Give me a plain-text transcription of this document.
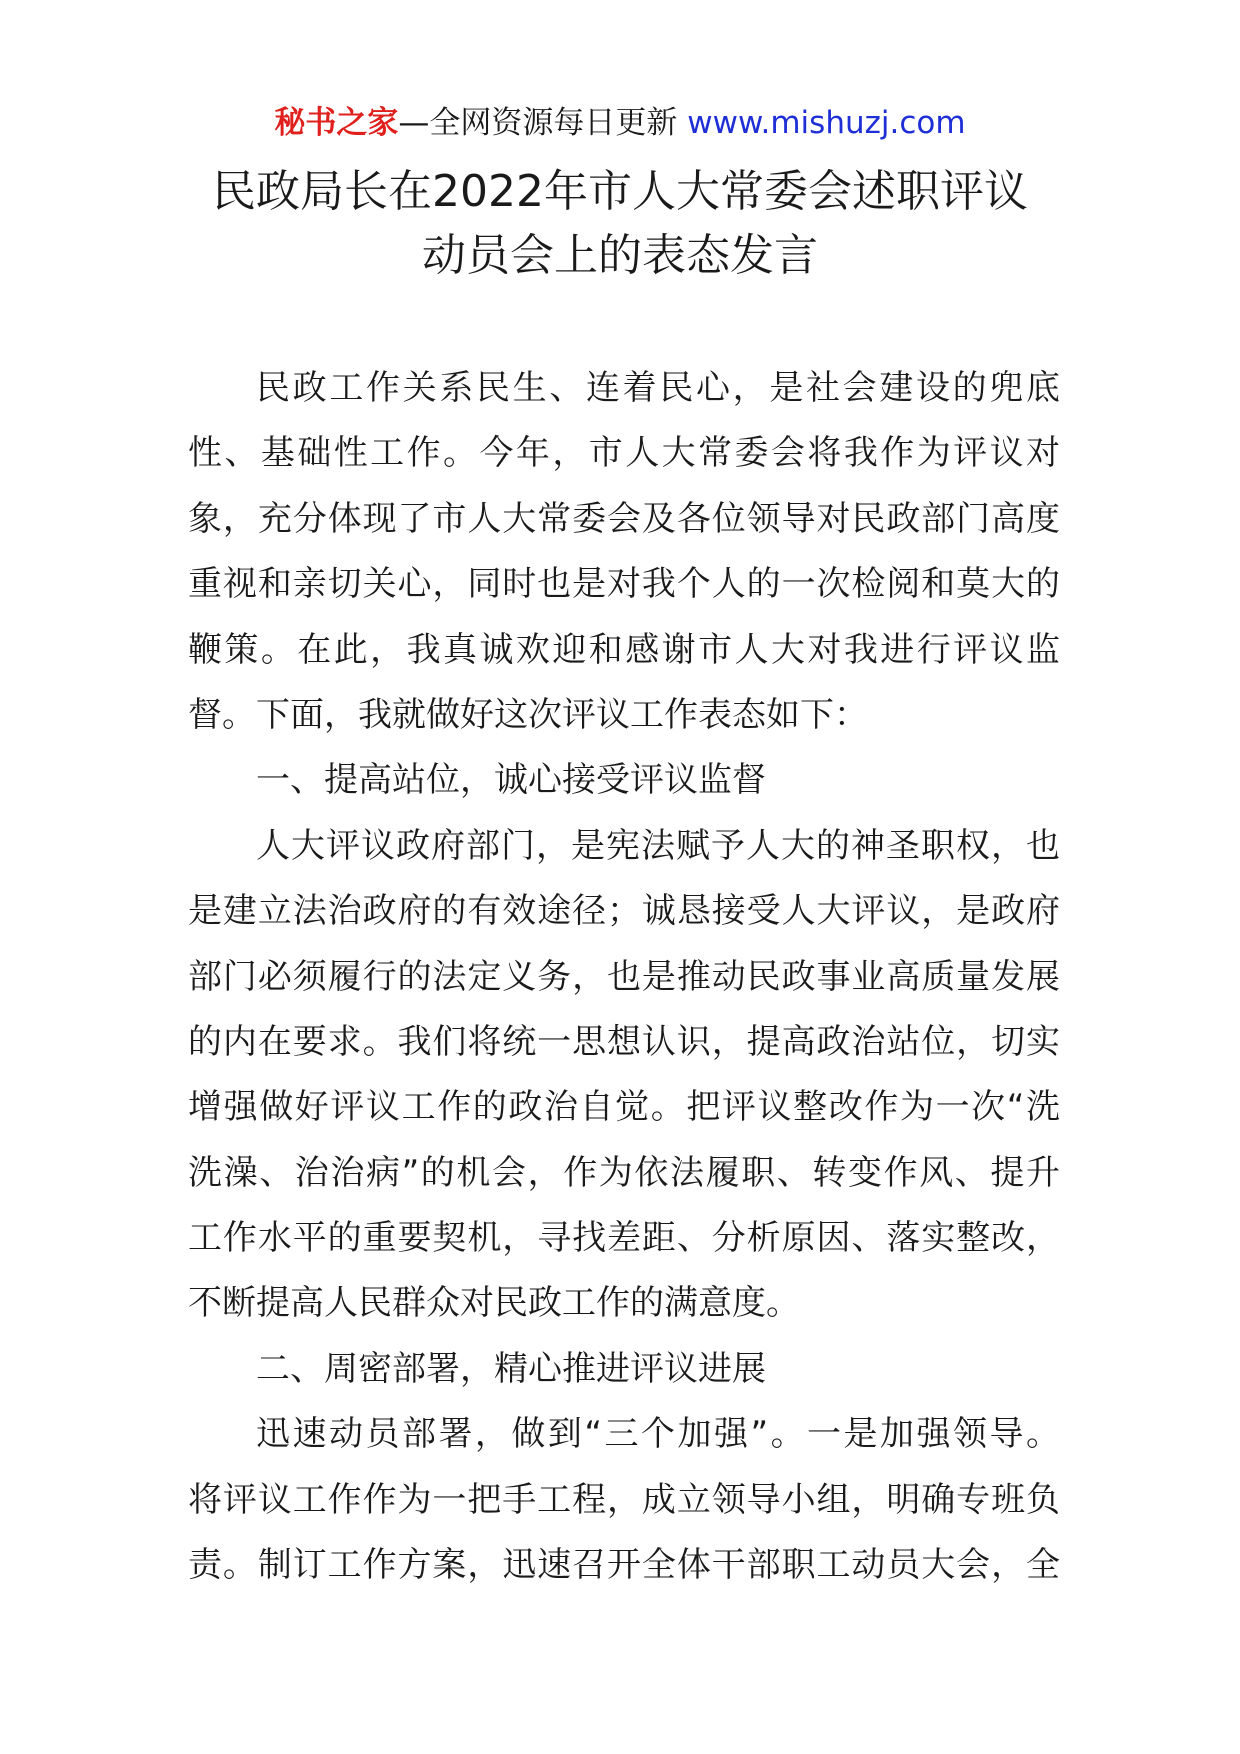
秘书之家—全网资源每日更新 www.mishuzj.com
民政局长在2022年市人大常委会述职评议
动员会上的表态发言
民政工作关系民生、连着民心，是社会建设的兜底
性、基础性工作。今年，市人大常委会将我作为评议对
象，充分体现了市人大常委会及各位领导对民政部门高度
重视和亲切关心，同时也是对我个人的一次检阅和莫大的
鞭策。在此，我真诚欢迎和感谢市人大对我进行评议监
督。下面，我就做好这次评议工作表态如下：
一、提高站位，诚心接受评议监督
人大评议政府部门，是宪法赋予人大的神圣职权，也
是建立法治政府的有效途径；诚恳接受人大评议，是政府
部门必须履行的法定义务，也是推动民政事业高质量发展
的内在要求。我们将统一思想认识，提高政治站位，切实
增强做好评议工作的政治自觉。把评议整改作为一次“洗
洗澡、治治病”的机会，作为依法履职、转变作风、提升
工作水平的重要契机，寻找差距、分析原因、落实整改，
不断提高人民群众对民政工作的满意度。
二、周密部署，精心推进评议进展
迅速动员部署，做到“三个加强”。一是加强领导。
将评议工作作为一把手工程，成立领导小组，明确专班负
责。制订工作方案，迅速召开全体干部职工动员大会，全
